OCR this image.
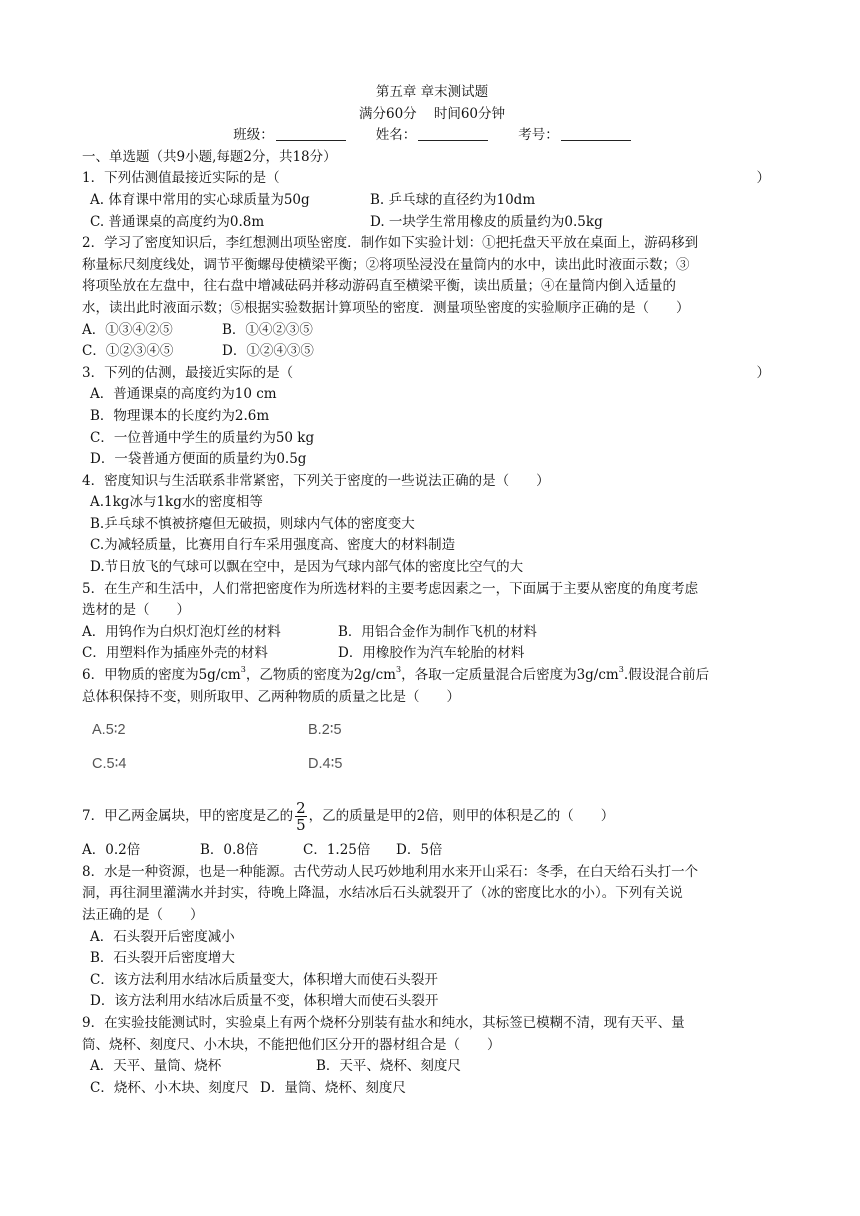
第五章 章末测试题
满分60分    时间60分钟
班级：	姓名：	考号：
一、单选题（共9小题,每题2分，共18分）
1 ． 下 列 估 测 值 最 接 近 实 际 的 是 （	）
A. 体育课中常用的实心球质量为50g	B. 乒乓球的直径约为10dm
C. 普通课桌的高度约为0.8m	D. 一块学生常用橡皮的质量约为0.5kg
2．学习了密度知识后，李红想测出项坠密度．制作如下实验计划：①把托盘天平放在桌面上，游码移到
称量标尺刻度线处，调节平衡螺母使横梁平衡；②将项坠浸没在量筒内的水中，读出此时液面示数；③
将项坠放在左盘中，往右盘中增减砝码并移动游码直至横梁平衡，读出质量；④在量筒内倒入适量的
水，读出此时液面示数；⑤根据实验数据计算项坠的密度．测量项坠密度的实验顺序正确的是（　　）
A．①③④②⑤	B．①④②③⑤
C．①②③④⑤	D．①②④③⑤
3 ． 下 列 的 估 测 ， 最 接 近 实 际 的 是 （	）
A．普通课桌的高度约为10 cm
B．物理课本的长度约为2.6m
C．一位普通中学生的质量约为50 kg
D．一袋普通方便面的质量约为0.5g
4．密度知识与生活联系非常紧密，下列关于密度的一些说法正确的是（　　）
A.1kg冰与1kg水的密度相等
B.乒乓球不慎被挤瘪但无破损，则球内气体的密度变大
C.为减轻质量，比赛用自行车采用强度高、密度大的材料制造
D.节日放飞的气球可以飘在空中，是因为气球内部气体的密度比空气的大
5．在生产和生活中，人们常把密度作为所选材料的主要考虑因素之一，下面属于主要从密度的角度考虑
选材的是（　　）
A．用钨作为白炽灯泡灯丝的材料	B．用铝合金作为制作飞机的材料
C．用塑料作为插座外壳的材料	D．用橡胶作为汽车轮胎的材料
6．甲物质的密度为$5g/cm^3$，乙物质的密度为$2g/cm^3$，各取一定质量混合后密度为$3g/cm^3$.假设混合前后
总体积保持不变，则所取甲、乙两种物质的质量之比是（　　）
A.5∶2	B.2∶5
C.5∶4	D.4∶5
7．甲乙两金属块，甲的密度是乙的 $\frac{2}{5}$ ，乙的质量是甲的2倍，则甲的体积是乙的（　　）
A．0.2倍	B．0.8倍	C．1.25倍	D．5倍
8．水是一种资源，也是一种能源。古代劳动人民巧妙地利用水来开山采石：冬季，在白天给石头打一个
洞，再往洞里灌满水并封实，待晚上降温，水结冰后石头就裂开了（冰的密度比水的小）。下列有关说
法正确的是（　　）
A．石头裂开后密度减小
B．石头裂开后密度增大
C．该方法利用水结冰后质量变大，体积增大而使石头裂开
D．该方法利用水结冰后质量不变，体积增大而使石头裂开
9．在实验技能测试时，实验桌上有两个烧杯分别装有盐水和纯水，其标签已模糊不清，现有天平、量
筒、烧杯、刻度尺、小木块，不能把他们区分开的器材组合是（　　）
A．天平、量筒、烧杯	B．天平、烧杯、刻度尺
C．烧杯、小木块、刻度尺 D．量筒、烧杯、刻度尺
